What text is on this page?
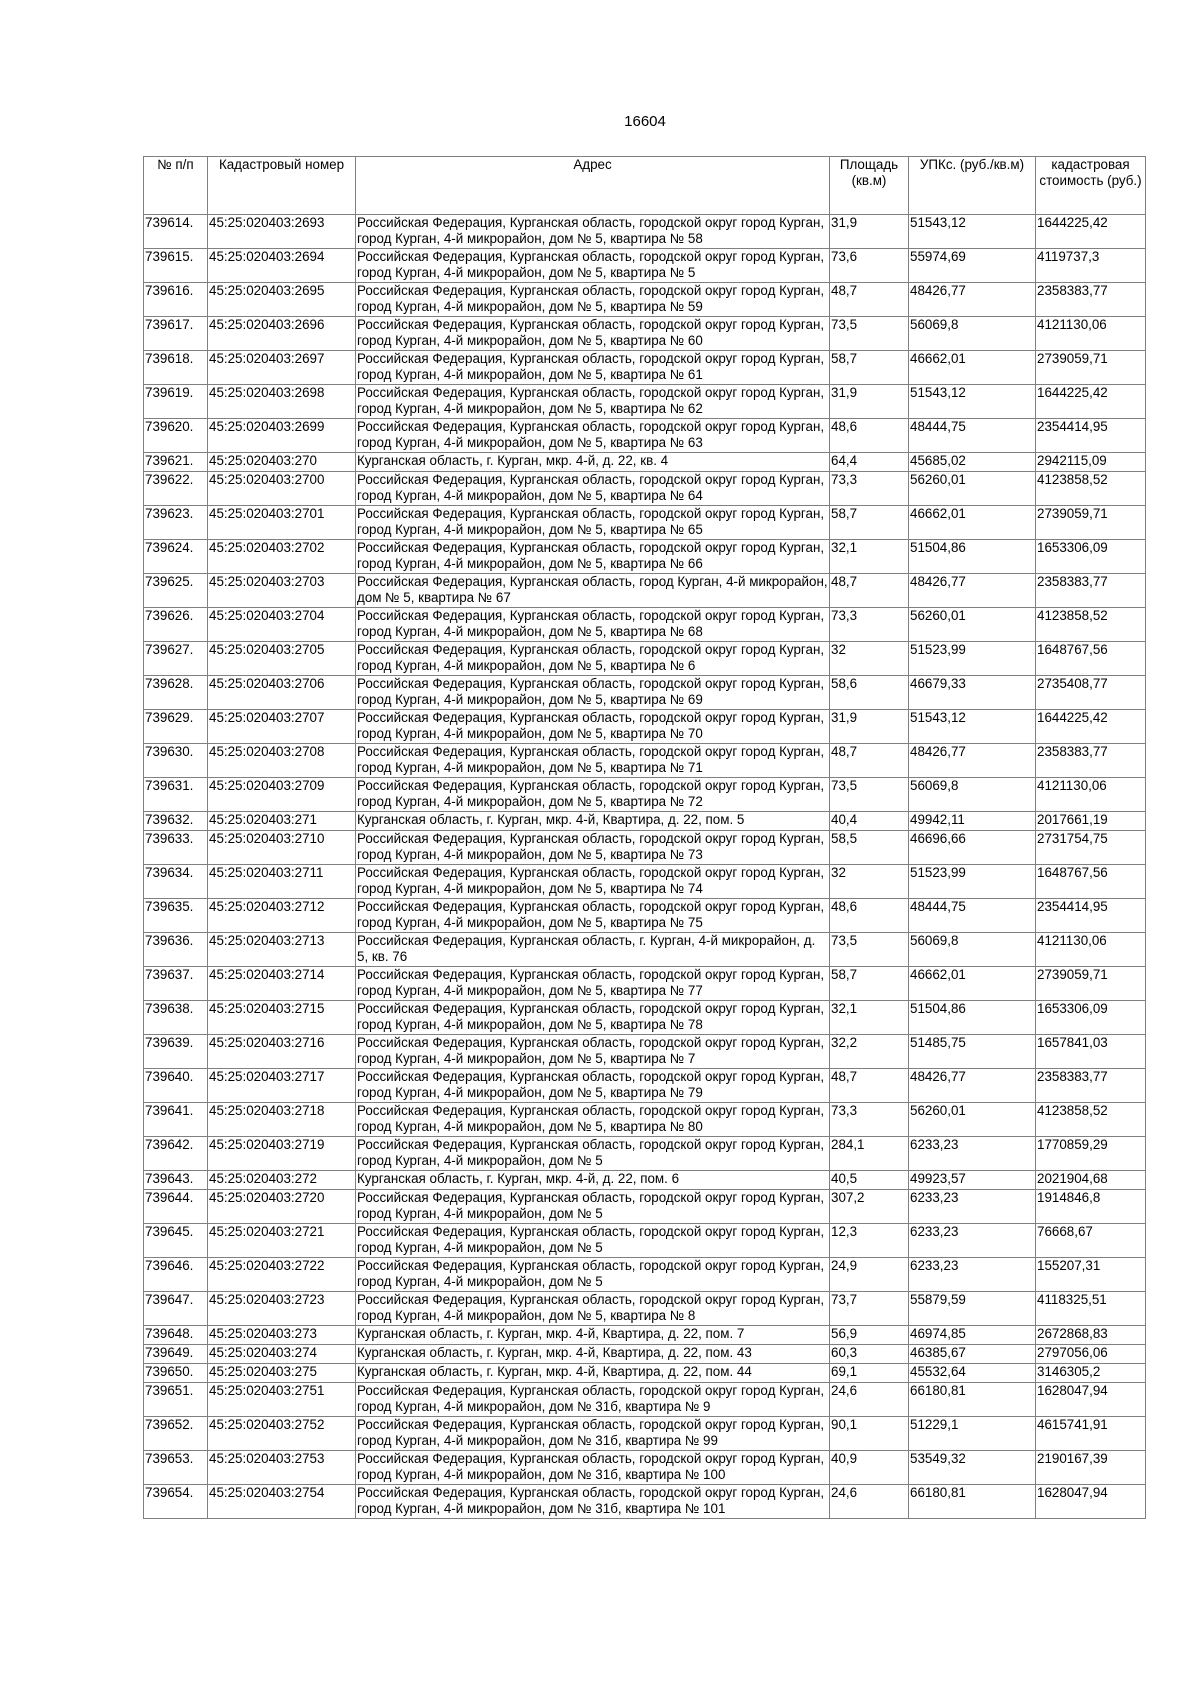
16604
№ п/п	Кадастровый номер	Адрес	Площадь (кв.м)	УПКс. (руб./кв.м)	кадастровая стоимость (руб.)
739614.	45:25:020403:2693	Российская Федерация, Курганская область, городской округ город Курган, город Курган, 4-й микрорайон, дом № 5, квартира № 58	31,9	51543,12	1644225,42
739615.	45:25:020403:2694	Российская Федерация, Курганская область, городской округ город Курган, город Курган, 4-й микрорайон, дом № 5, квартира № 5	73,6	55974,69	4119737,3
739616.	45:25:020403:2695	Российская Федерация, Курганская область, городской округ город Курган, город Курган, 4-й микрорайон, дом № 5, квартира № 59	48,7	48426,77	2358383,77
739617.	45:25:020403:2696	Российская Федерация, Курганская область, городской округ город Курган, город Курган, 4-й микрорайон, дом № 5, квартира № 60	73,5	56069,8	4121130,06
739618.	45:25:020403:2697	Российская Федерация, Курганская область, городской округ город Курган, город Курган, 4-й микрорайон, дом № 5, квартира № 61	58,7	46662,01	2739059,71
739619.	45:25:020403:2698	Российская Федерация, Курганская область, городской округ город Курган, город Курган, 4-й микрорайон, дом № 5, квартира № 62	31,9	51543,12	1644225,42
739620.	45:25:020403:2699	Российская Федерация, Курганская область, городской округ город Курган, город Курган, 4-й микрорайон, дом № 5, квартира № 63	48,6	48444,75	2354414,95
739621.	45:25:020403:270	Курганская область, г. Курган, мкр. 4-й, д. 22, кв. 4	64,4	45685,02	2942115,09
739622.	45:25:020403:2700	Российская Федерация, Курганская область, городской округ город Курган, город Курган, 4-й микрорайон, дом № 5, квартира № 64	73,3	56260,01	4123858,52
739623.	45:25:020403:2701	Российская Федерация, Курганская область, городской округ город Курган, город Курган, 4-й микрорайон, дом № 5, квартира № 65	58,7	46662,01	2739059,71
739624.	45:25:020403:2702	Российская Федерация, Курганская область, городской округ город Курган, город Курган, 4-й микрорайон, дом № 5, квартира № 66	32,1	51504,86	1653306,09
739625.	45:25:020403:2703	Российская Федерация, Курганская область, город Курган, 4-й микрорайон, дом № 5, квартира № 67	48,7	48426,77	2358383,77
739626.	45:25:020403:2704	Российская Федерация, Курганская область, городской округ город Курган, город Курган, 4-й микрорайон, дом № 5, квартира № 68	73,3	56260,01	4123858,52
739627.	45:25:020403:2705	Российская Федерация, Курганская область, городской округ город Курган, город Курган, 4-й микрорайон, дом № 5, квартира № 6	32	51523,99	1648767,56
739628.	45:25:020403:2706	Российская Федерация, Курганская область, городской округ город Курган, город Курган, 4-й микрорайон, дом № 5, квартира № 69	58,6	46679,33	2735408,77
739629.	45:25:020403:2707	Российская Федерация, Курганская область, городской округ город Курган, город Курган, 4-й микрорайон, дом № 5, квартира № 70	31,9	51543,12	1644225,42
739630.	45:25:020403:2708	Российская Федерация, Курганская область, городской округ город Курган, город Курган, 4-й микрорайон, дом № 5, квартира № 71	48,7	48426,77	2358383,77
739631.	45:25:020403:2709	Российская Федерация, Курганская область, городской округ город Курган, город Курган, 4-й микрорайон, дом № 5, квартира № 72	73,5	56069,8	4121130,06
739632.	45:25:020403:271	Курганская область, г. Курган, мкр. 4-й, Квартира, д. 22, пом. 5	40,4	49942,11	2017661,19
739633.	45:25:020403:2710	Российская Федерация, Курганская область, городской округ город Курган, город Курган, 4-й микрорайон, дом № 5, квартира № 73	58,5	46696,66	2731754,75
739634.	45:25:020403:2711	Российская Федерация, Курганская область, городской округ город Курган, город Курган, 4-й микрорайон, дом № 5, квартира № 74	32	51523,99	1648767,56
739635.	45:25:020403:2712	Российская Федерация, Курганская область, городской округ город Курган, город Курган, 4-й микрорайон, дом № 5, квартира № 75	48,6	48444,75	2354414,95
739636.	45:25:020403:2713	Российская Федерация, Курганская область, г. Курган, 4-й микрорайон, д. 5, кв. 76	73,5	56069,8	4121130,06
739637.	45:25:020403:2714	Российская Федерация, Курганская область, городской округ город Курган, город Курган, 4-й микрорайон, дом № 5, квартира № 77	58,7	46662,01	2739059,71
739638.	45:25:020403:2715	Российская Федерация, Курганская область, городской округ город Курган, город Курган, 4-й микрорайон, дом № 5, квартира № 78	32,1	51504,86	1653306,09
739639.	45:25:020403:2716	Российская Федерация, Курганская область, городской округ город Курган, город Курган, 4-й микрорайон, дом № 5, квартира № 7	32,2	51485,75	1657841,03
739640.	45:25:020403:2717	Российская Федерация, Курганская область, городской округ город Курган, город Курган, 4-й микрорайон, дом № 5, квартира № 79	48,7	48426,77	2358383,77
739641.	45:25:020403:2718	Российская Федерация, Курганская область, городской округ город Курган, город Курган, 4-й микрорайон, дом № 5, квартира № 80	73,3	56260,01	4123858,52
739642.	45:25:020403:2719	Российская Федерация, Курганская область, городской округ город Курган, город Курган, 4-й микрорайон, дом № 5	284,1	6233,23	1770859,29
739643.	45:25:020403:272	Курганская область, г. Курган, мкр. 4-й, д. 22, пом. 6	40,5	49923,57	2021904,68
739644.	45:25:020403:2720	Российская Федерация, Курганская область, городской округ город Курган, город Курган, 4-й микрорайон, дом № 5	307,2	6233,23	1914846,8
739645.	45:25:020403:2721	Российская Федерация, Курганская область, городской округ город Курган, город Курган, 4-й микрорайон, дом № 5	12,3	6233,23	76668,67
739646.	45:25:020403:2722	Российская Федерация, Курганская область, городской округ город Курган, город Курган, 4-й микрорайон, дом № 5	24,9	6233,23	155207,31
739647.	45:25:020403:2723	Российская Федерация, Курганская область, городской округ город Курган, город Курган, 4-й микрорайон, дом № 5, квартира № 8	73,7	55879,59	4118325,51
739648.	45:25:020403:273	Курганская область, г. Курган, мкр. 4-й, Квартира, д. 22, пом. 7	56,9	46974,85	2672868,83
739649.	45:25:020403:274	Курганская область, г. Курган, мкр. 4-й, Квартира, д. 22, пом. 43	60,3	46385,67	2797056,06
739650.	45:25:020403:275	Курганская область, г. Курган, мкр. 4-й, Квартира, д. 22, пом. 44	69,1	45532,64	3146305,2
739651.	45:25:020403:2751	Российская Федерация, Курганская область, городской округ город Курган, город Курган, 4-й микрорайон, дом № 31б, квартира № 9	24,6	66180,81	1628047,94
739652.	45:25:020403:2752	Российская Федерация, Курганская область, городской округ город Курган, город Курган, 4-й микрорайон, дом № 31б, квартира № 99	90,1	51229,1	4615741,91
739653.	45:25:020403:2753	Российская Федерация, Курганская область, городской округ город Курган, город Курган, 4-й микрорайон, дом № 31б, квартира № 100	40,9	53549,32	2190167,39
739654.	45:25:020403:2754	Российская Федерация, Курганская область, городской округ город Курган, город Курган, 4-й микрорайон, дом № 31б, квартира № 101	24,6	66180,81	1628047,94
